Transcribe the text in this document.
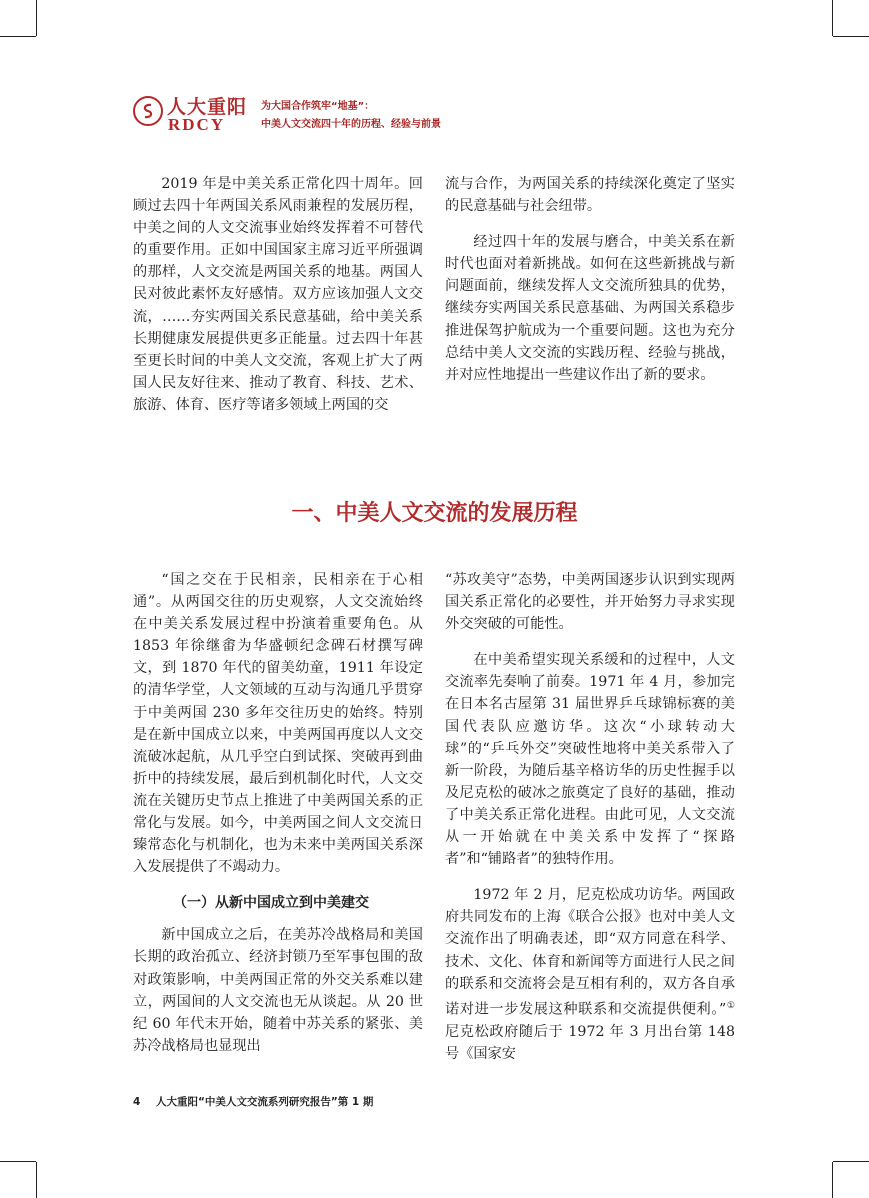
人大重阳
RDCY
为大国合作筑牢“地基”：
中美人文交流四十年的历程、经验与前景

2019 年是中美关系正常化四十周年。回顾过去四十年两国关系风雨兼程的发展历程，中美之间的人文交流事业始终发挥着不可替代的重要作用。正如中国国家主席习近平所强调的那样，人文交流是两国关系的地基。两国人民对彼此素怀友好感情。双方应该加强人文交流，……夯实两国关系民意基础，给中美关系长期健康发展提供更多正能量。过去四十年甚至更长时间的中美人文交流，客观上扩大了两国人民友好往来、推动了教育、科技、艺术、旅游、体育、医疗等诸多领域上两国的交

流与合作，为两国关系的持续深化奠定了坚实的民意基础与社会纽带。

经过四十年的发展与磨合，中美关系在新时代也面对着新挑战。如何在这些新挑战与新问题面前，继续发挥人文交流所独具的优势，继续夯实两国关系民意基础、为两国关系稳步推进保驾护航成为一个重要问题。这也为充分总结中美人文交流的实践历程、经验与挑战，并对应性地提出一些建议作出了新的要求。

一、中美人文交流的发展历程

“国之交在于民相亲，民相亲在于心相通”。从两国交往的历史观察，人文交流始终在中美关系发展过程中扮演着重要角色。从 1853 年徐继畬为华盛顿纪念碑石材撰写碑文，到 1870 年代的留美幼童，1911 年设定的清华学堂，人文领域的互动与沟通几乎贯穿于中美两国 230 多年交往历史的始终。特别是在新中国成立以来，中美两国再度以人文交流破冰起航，从几乎空白到试探、突破再到曲折中的持续发展，最后到机制化时代，人文交流在关键历史节点上推进了中美两国关系的正常化与发展。如今，中美两国之间人文交流日臻常态化与机制化，也为未来中美两国关系深入发展提供了不竭动力。

（一）从新中国成立到中美建交

新中国成立之后，在美苏冷战格局和美国长期的政治孤立、经济封锁乃至军事包围的敌对政策影响，中美两国正常的外交关系难以建立，两国间的人文交流也无从谈起。从 20 世纪 60 年代末开始，随着中苏关系的紧张、美苏冷战格局也显现出

“苏攻美守”态势，中美两国逐步认识到实现两国关系正常化的必要性，并开始努力寻求实现外交突破的可能性。

在中美希望实现关系缓和的过程中，人文交流率先奏响了前奏。1971 年 4 月，参加完在日本名古屋第 31 届世界乒乓球锦标赛的美国代表队应邀访华。这次“小球转动大球”的“乒乓外交”突破性地将中美关系带入了新一阶段，为随后基辛格访华的历史性握手以及尼克松的破冰之旅奠定了良好的基础，推动了中美关系正常化进程。由此可见，人文交流从一开始就在中美关系中发挥了“探路者”和“铺路者”的独特作用。

1972 年 2 月，尼克松成功访华。两国政府共同发布的上海《联合公报》也对中美人文交流作出了明确表述，即“双方同意在科学、技术、文化、体育和新闻等方面进行人民之间的联系和交流将会是互相有利的，双方各自承诺对进一步发展这种联系和交流提供便利。”①尼克松政府随后于 1972 年 3 月出台第 148 号《国家安

4 人大重阳“中美人文交流系列研究报告”第 1 期
